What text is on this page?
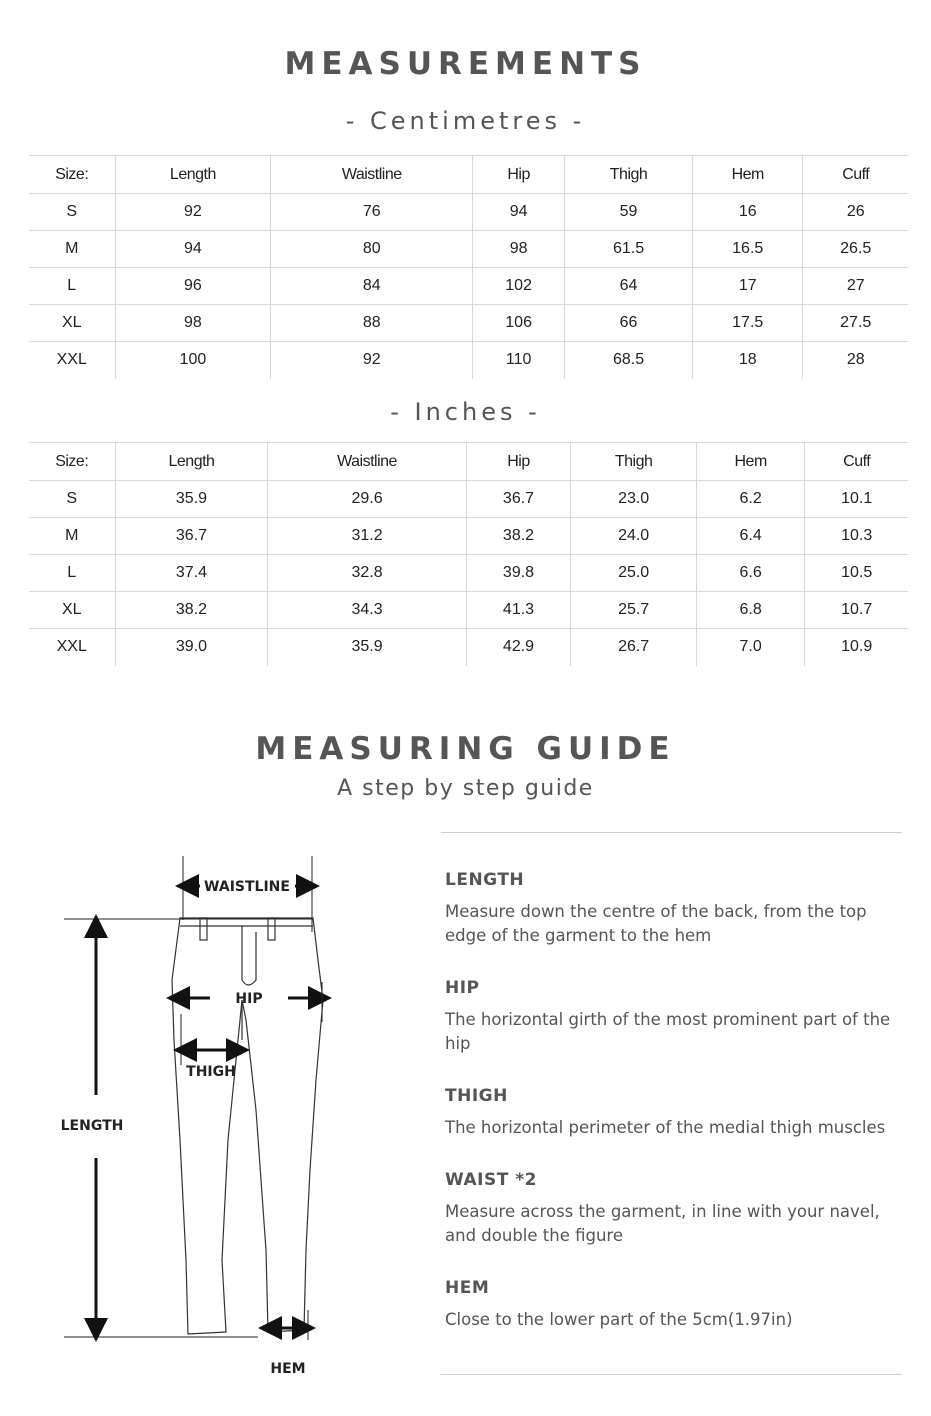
MEASUREMENTS
- Centimetres -
Size:	Length	Waistline	Hip	Thigh	Hem	Cuff
S	92	76	94	59	16	26
M	94	80	98	61.5	16.5	26.5
L	96	84	102	64	17	27
XL	98	88	106	66	17.5	27.5
XXL	100	92	110	68.5	18	28
- Inches -
Size:	Length	Waistline	Hip	Thigh	Hem	Cuff
S	35.9	29.6	36.7	23.0	6.2	10.1
M	36.7	31.2	38.2	24.0	6.4	10.3
L	37.4	32.8	39.8	25.0	6.6	10.5
XL	38.2	34.3	41.3	25.7	6.8	10.7
XXL	39.0	35.9	42.9	26.7	7.0	10.9
MEASURING GUIDE
A step by step guide
WAISTLINE
LENGTH
HIP
THIGH
HEM
LENGTH
Measure down the centre of the back, from the top edge of the garment to the hem
HIP
The horizontal girth of the most prominent part of the hip
THIGH
The horizontal perimeter of the medial thigh muscles
WAIST *2
Measure across the garment, in line with your navel, and double the figure
HEM
Close to the lower part of the 5cm(1.97in)
